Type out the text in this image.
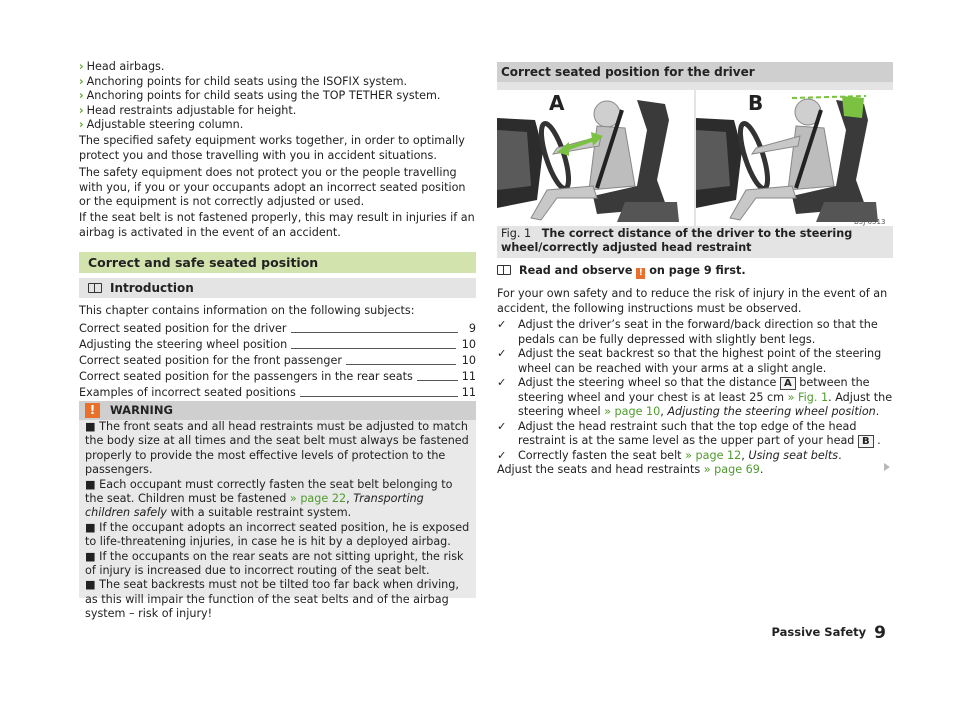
› Head airbags.
› Anchoring points for child seats using the ISOFIX system.
› Anchoring points for child seats using the TOP TETHER system.
› Head restraints adjustable for height.
› Adjustable steering column.

The specified safety equipment works together, in order to optimally protect you and those travelling with you in accident situations.

The safety equipment does not protect you or the people travelling with you, if you or your occupants adopt an incorrect seated position or the equipment is not correctly adjusted or used.

If the seat belt is not fastened properly, this may result in injuries if an airbag is activated in the event of an accident.

Correct and safe seated position
Introduction

This chapter contains information on the following subjects:

Correct seated position for the driver	9
Adjusting the steering wheel position	10
Correct seated position for the front passenger	10
Correct seated position for the passengers in the rear seats	11
Examples of incorrect seated positions	11
!	WARNING
■ The front seats and all head restraints must be adjusted to match the body size at all times and the seat belt must always be fastened properly to provide the most effective levels of protection to the passengers.
■ Each occupant must correctly fasten the seat belt belonging to the seat. Children must be fastened » page 22, Transporting children safely with a suitable restraint system.
■ If the occupant adopts an incorrect seated position, he is exposed to life-threatening injuries, in case he is hit by a deployed airbag.
■ If the occupants on the rear seats are not sitting upright, the risk of injury is increased due to incorrect routing of the seat belt.
■ The seat backrests must not be tilted too far back when driving, as this will impair the function of the seat belts and of the airbag system – risk of injury!
Correct seated position for the driver
A	B
B5J-0513

Fig. 1 The correct distance of the driver to the steering wheel/correctly adjusted head restraint

Read and observe ! on page 9 first.

For your own safety and to reduce the risk of injury in the event of an accident, the following instructions must be observed.

✓ Adjust the driver’s seat in the forward/back direction so that the pedals can be fully depressed with slightly bent legs.
✓ Adjust the seat backrest so that the highest point of the steering wheel can be reached with your arms at a slight angle.
✓ Adjust the steering wheel so that the distance A between the steering wheel and your chest is at least 25 cm » Fig. 1. Adjust the steering wheel » page 10, Adjusting the steering wheel position.
✓ Adjust the head restraint such that the top edge of the head restraint is at the same level as the upper part of your head B .
✓ Correctly fasten the seat belt » page 12, Using seat belts.

Adjust the seats and head restraints » page 69.

Passive Safety 9
